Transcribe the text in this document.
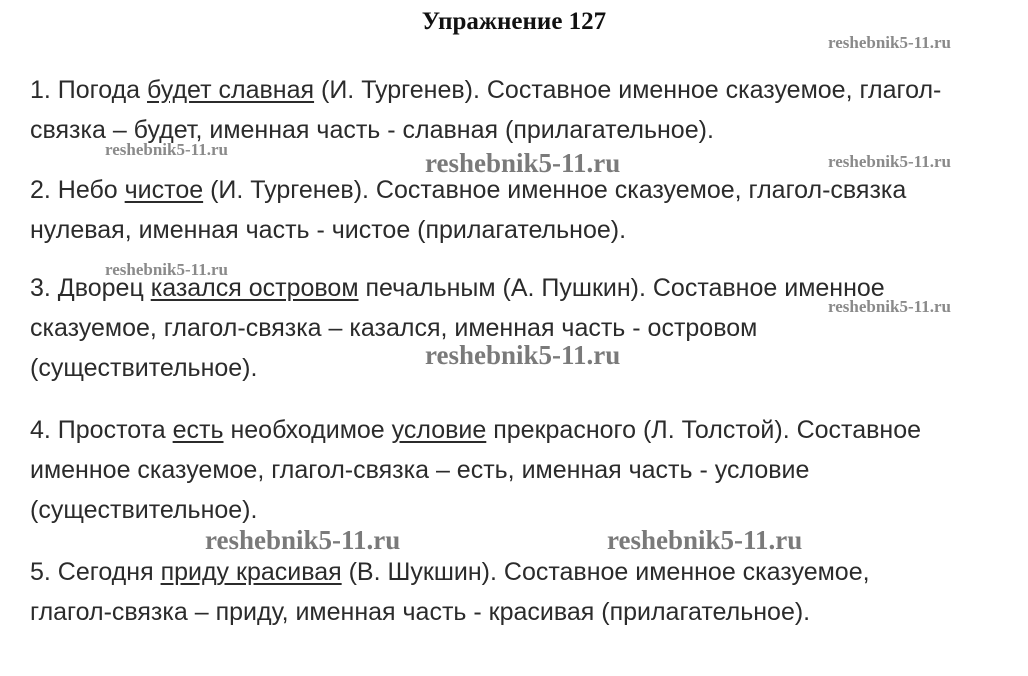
Упражнение 127
1. Погода будет славная (И. Тургенев). Составное именное сказуемое, глагол-
связка – будет, именная часть - славная (прилагательное).
2. Небо чистое (И. Тургенев). Составное именное сказуемое, глагол-связка
нулевая, именная часть - чистое (прилагательное).
3. Дворец казался островом печальным (А. Пушкин). Составное именное
сказуемое, глагол-связка – казался, именная часть - островом
(существительное).
4. Простота есть необходимое условие прекрасного (Л. Толстой). Составное
именное сказуемое, глагол-связка – есть, именная часть - условие
(существительное).
5. Сегодня приду красивая (В. Шукшин). Составное именное сказуемое,
глагол-связка – приду, именная часть - красивая (прилагательное).
reshebnik5-11.ru
reshebnik5-11.ru	reshebnik5-11.ru	reshebnik5-11.ru
reshebnik5-11.ru
reshebnik5-11.ru
reshebnik5-11.ru
reshebnik5-11.ru	reshebnik5-11.ru
